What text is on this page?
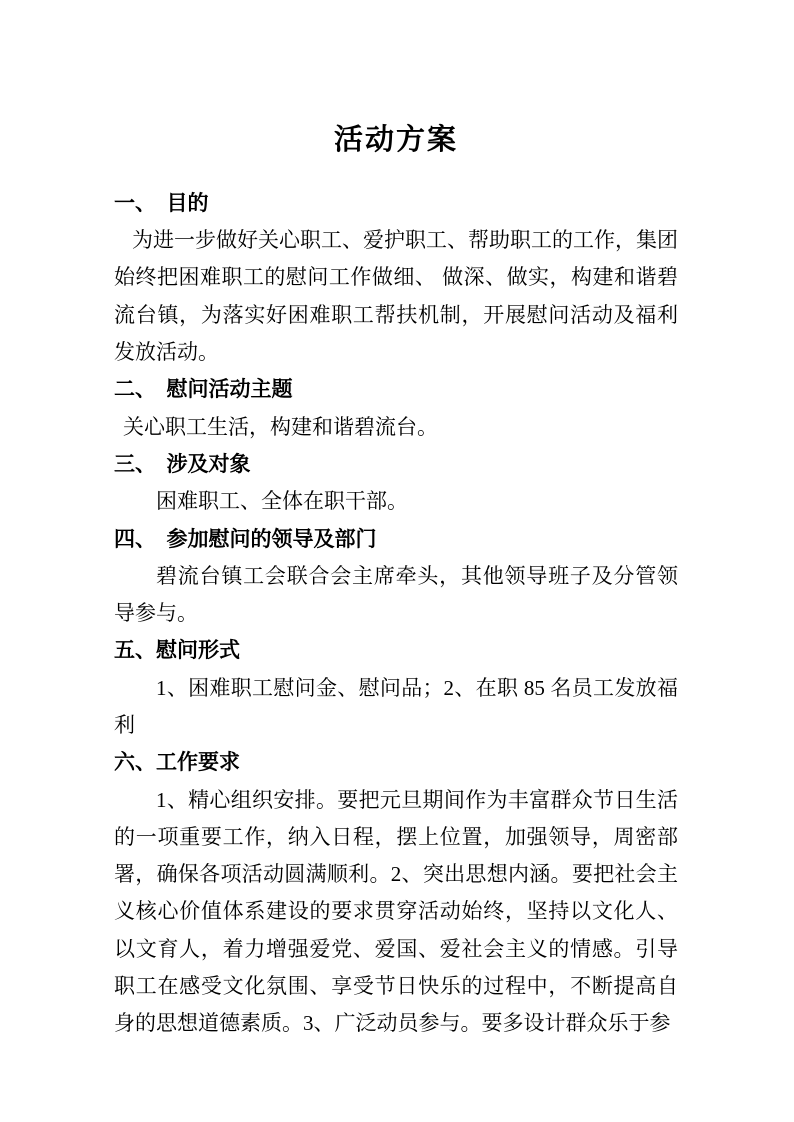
活动方案
一、　目的

为进一步做好关心职工、爱护职工、帮助职工的工作，集团始终把困难职工的慰问工作做细、 做深、做实，构建和谐碧流台镇，为落实好困难职工帮扶机制，开展慰问活动及福利发放活动。

二、　慰问活动主题

关心职工生活，构建和谐碧流台。

三、　涉及对象

困难职工、全体在职干部。

四、　参加慰问的领导及部门

碧流台镇工会联合会主席牵头，其他领导班子及分管领导参与。

五、慰问形式

1、困难职工慰问金、慰问品；2、在职 85 名员工发放福利

六、工作要求

1、精心组织安排。要把元旦期间作为丰富群众节日生活的一项重要工作，纳入日程，摆上位置，加强领导，周密部署，确保各项活动圆满顺利。2、突出思想内涵。要把社会主义核心价值体系建设的要求贯穿活动始终，坚持以文化人、 以文育人，着力增强爱党、爱国、爱社会主义的情感。引导职工在感受文化氛围、享受节日快乐的过程中，不断提高自身的思想道德素质。3、广泛动员参与。要多设计群众乐于参
